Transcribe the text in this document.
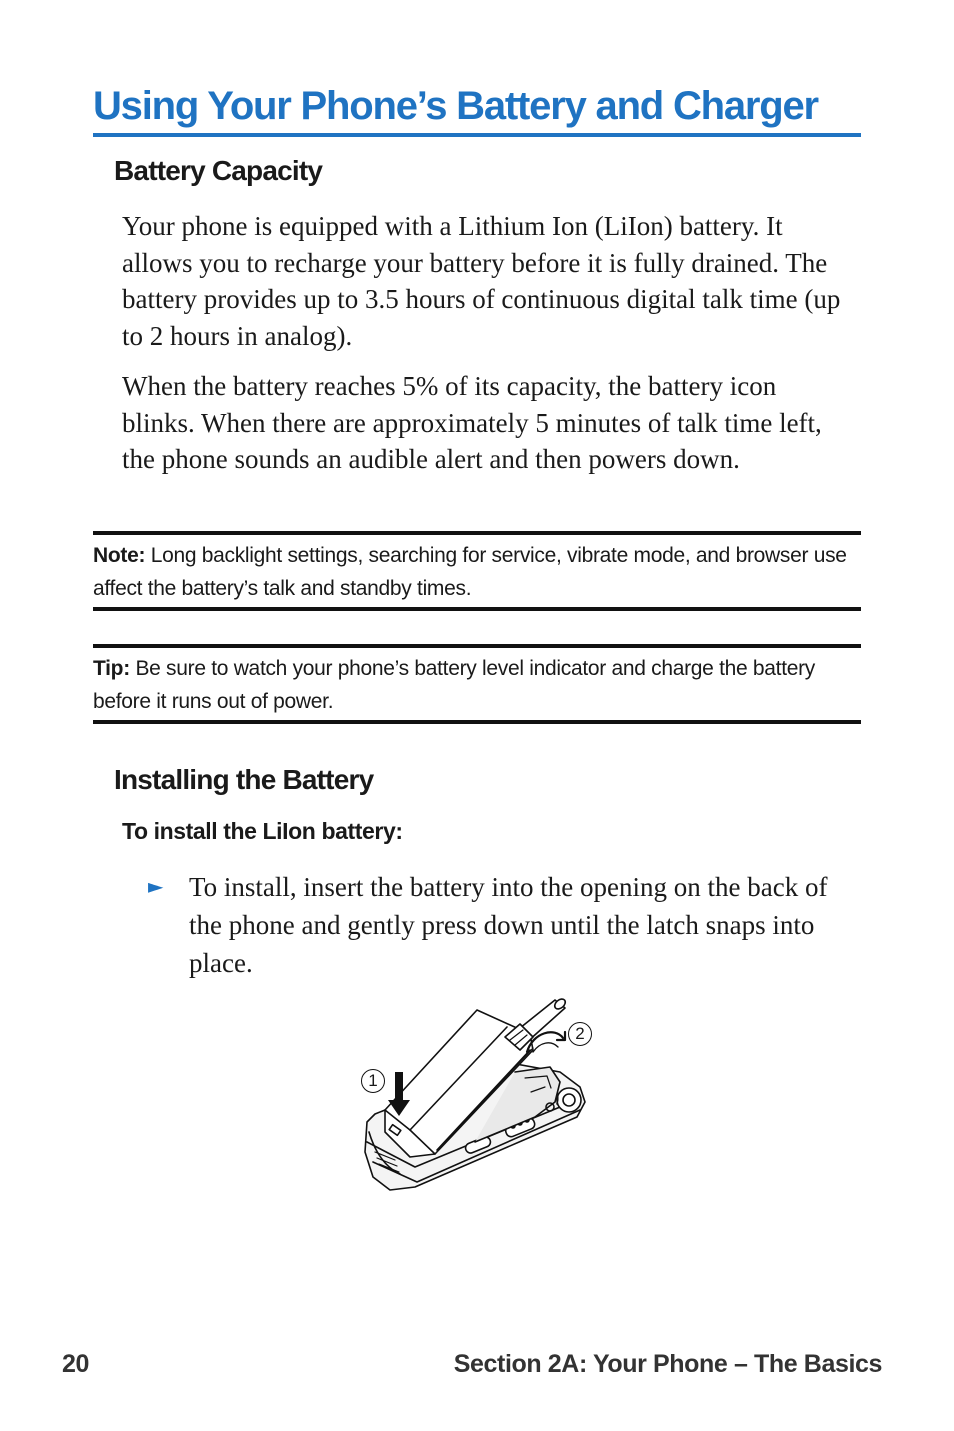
Using Your Phone’s Battery and Charger
Battery Capacity

Your phone is equipped with a Lithium Ion (LiIon) battery. It allows you to recharge your battery before it is fully drained. The battery provides up to 3.5 hours of continuous digital talk time (up to 2 hours in analog).

When the battery reaches 5% of its capacity, the battery icon blinks. When there are approximately 5 minutes of talk time left, the phone sounds an audible alert and then powers down.

Note: Long backlight settings, searching for service, vibrate mode, and browser use affect the battery’s talk and standby times.
Tip: Be sure to watch your phone’s battery level indicator and charge the battery before it runs out of power.
Installing the Battery
To install the LiIon battery:
► To install, insert the battery into the opening on the back of the phone and gently press down until the latch snaps into place.

1
2
20	Section 2A: Your Phone – The Basics
